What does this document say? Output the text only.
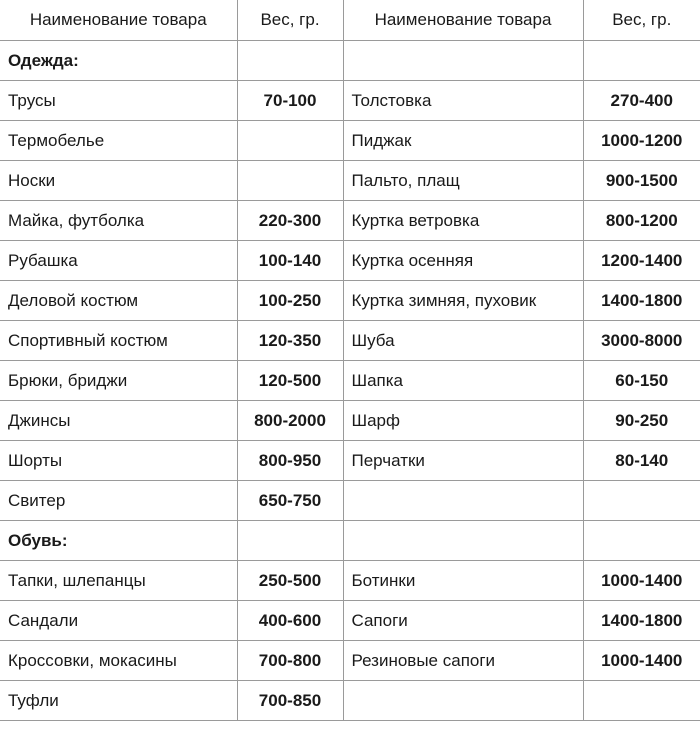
Наименование товара	Вес, гр.	Наименование товара	Вес, гр.
Одежда:			
Трусы	70-100	Толстовка	270-400
Термобелье		Пиджак	1000-1200
Носки		Пальто, плащ	900-1500
Майка, футболка	220-300	Куртка ветровка	800-1200
Рубашка	100-140	Куртка осенняя	1200-1400
Деловой костюм	100-250	Куртка зимняя, пуховик	1400-1800
Спортивный костюм	120-350	Шуба	3000-8000
Брюки, бриджи	120-500	Шапка	60-150
Джинсы	800-2000	Шарф	90-250
Шорты	800-950	Перчатки	80-140
Свитер	650-750		
Обувь:			
Тапки, шлепанцы	250-500	Ботинки	1000-1400
Сандали	400-600	Сапоги	1400-1800
Кроссовки, мокасины	700-800	Резиновые сапоги	1000-1400
Туфли	700-850		
